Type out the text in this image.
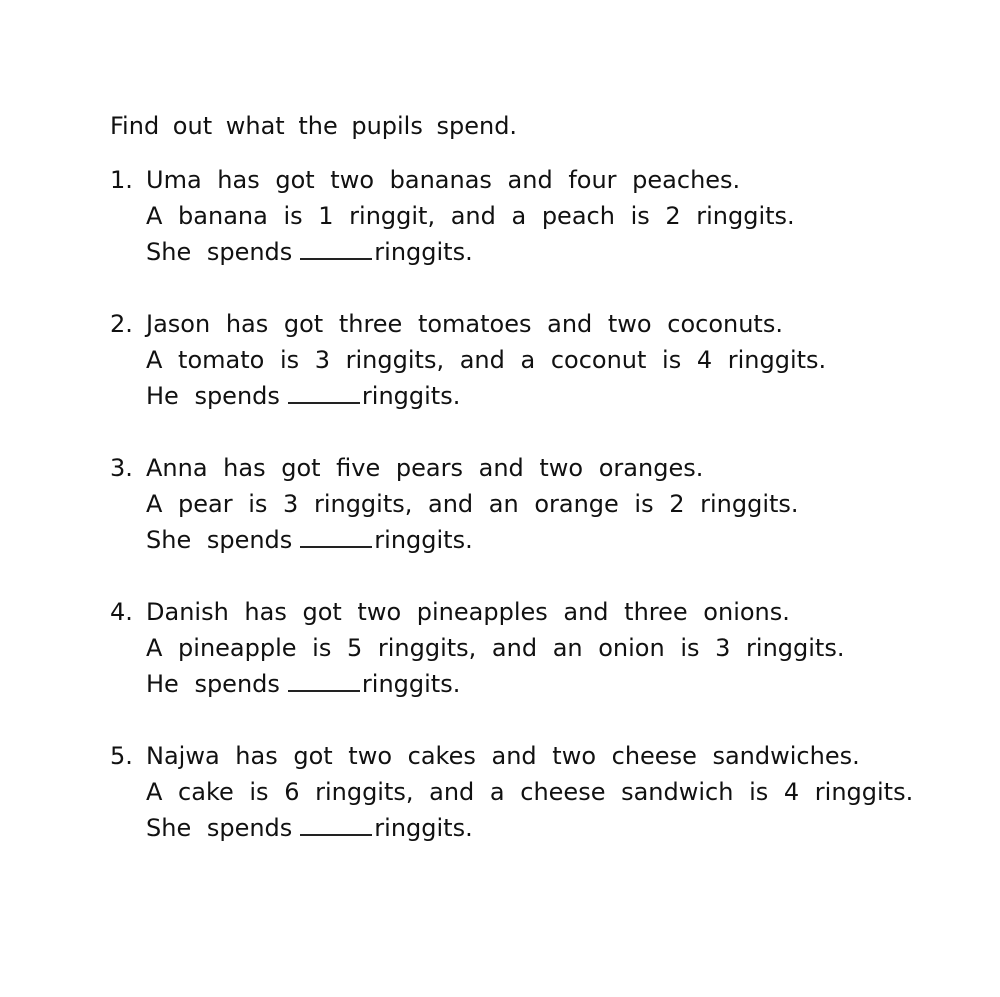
Find out what the pupils spend.
1. Uma has got two bananas and four peaches.
A banana is 1 ringgit, and a peach is 2 ringgits.
She spends	ringgits.
2. Jason has got three tomatoes and two coconuts.
A tomato is 3 ringgits, and a coconut is 4 ringgits.
He spends	ringgits.
3. Anna has got five pears and two oranges.
A pear is 3 ringgits, and an orange is 2 ringgits.
She spends	ringgits.
4. Danish has got two pineapples and three onions.
A pineapple is 5 ringgits, and an onion is 3 ringgits.
He spends	ringgits.
5. Najwa has got two cakes and two cheese sandwiches.
A cake is 6 ringgits, and a cheese sandwich is 4 ringgits.
She spends	ringgits.
